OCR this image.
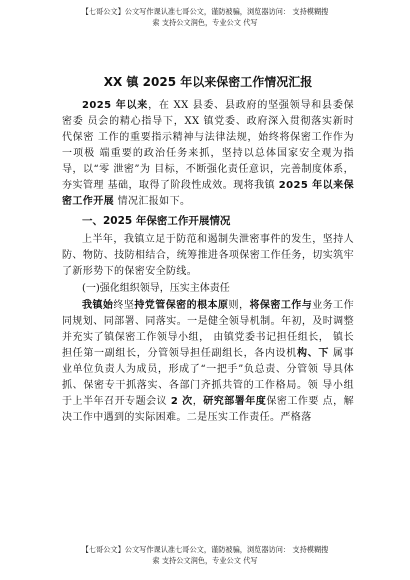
【七哥公文】公文写作课认准七哥公文，谨防被骗，浏览器访问： 支持模糊搜
索 支持公文润色，专业公文 代写
XX 镇 2025 年以来保密工作情况汇报

2025 年以来，在 XX 县委、县政府的坚强领导和县委保密委 员会的精心指导下，XX 镇党委、政府深入贯彻落实新时代保密 工作的重要指示精神与法律法规，始终将保密工作作为一项极 端重要的政治任务来抓，坚持以总体国家安全观为指导，以“零 泄密”为 目标，不断强化责任意识，完善制度体系，夯实管理 基础，取得了阶段性成效。现将我镇 2025 年以来保密工作开展 情况汇报如下。

一、2025 年保密工作开展情况

上半年，我镇立足于防范和遏制失泄密事件的发生，坚持人防、物防、技防相结合，统筹推进各项保密工作任务，切实筑牢了新形势下的保密安全防线。

(一)强化组织领导，压实主体责任

我镇始终坚持党管保密的根本原则，将保密工作与业务工作同规划、同部署、同落实。一是健全领导机制。年初，及时调整并充实了镇保密工作领导小组， 由镇党委书记担任组长， 镇长担任第一副组长，分管领导担任副组长，各内设机构、下 属事业单位负责人为成员，形成了“一把手”负总责、分管领 导具体抓、保密专干抓落实、各部门齐抓共管的工作格局。领 导小组于上半年召开专题会议 2 次，研究部署年度保密工作要 点，解决工作中遇到的实际困难。二是压实工作责任。严格落

【七哥公文】公文写作课认准七哥公文，谨防被骗，浏览器访问： 支持模糊搜
索 支持公文润色，专业公文 代写
